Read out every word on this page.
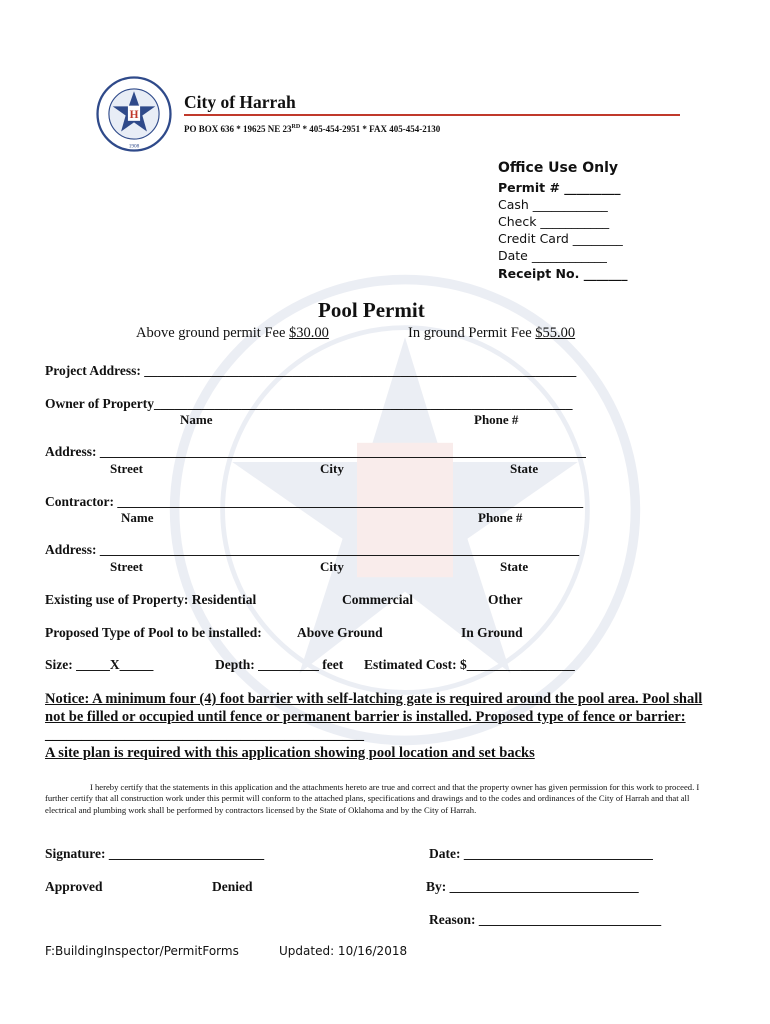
H
1908
City of Harrah
PO BOX 636 * 19625 NE 23RD * 405-454-2951 * FAX 405-454-2130
Office Use Only
Permit # _________
Cash ____________
Check ___________
Credit Card ________
Date ____________
Receipt No. _______
Pool Permit
Above ground permit Fee $30.00	In ground Permit Fee $55.00
Project Address: ________________________________________________________________
Owner of Property______________________________________________________________
Name	Phone #
Address: ________________________________________________________________________
Street	City	State
Contractor: _____________________________________________________________________
Name	Phone #
Address: _______________________________________________________________________
Street	City	State
Existing use of Property: Residential	Commercial	Other
Proposed Type of Pool to be installed:	Above Ground	In Ground
Size: _____X_____	Depth: _________ feet Estimated Cost: $________________
Notice: A minimum four (4) foot barrier with self-latching gate is required around the pool area. Pool shall not be filled or occupied until fence or permanent barrier is installed. Proposed type of fence or barrier: ____________________________________________
A site plan is required with this application showing pool location and set backs
I hereby certify that the statements in this application and the attachments hereto are true and correct and that the property owner has given permission for this work to proceed. I further certify that all construction work under this permit will conform to the attached plans, specifications and drawings and to the codes and ordinances of the City of Harrah and that all electrical and plumbing work shall be performed by contractors licensed by the State of Oklahoma and by the City of Harrah.
Signature: _______________________	Date: ____________________________
Approved	Denied	By: ____________________________
Reason: ___________________________
F:BuildingInspector/PermitForms	Updated: 10/16/2018
